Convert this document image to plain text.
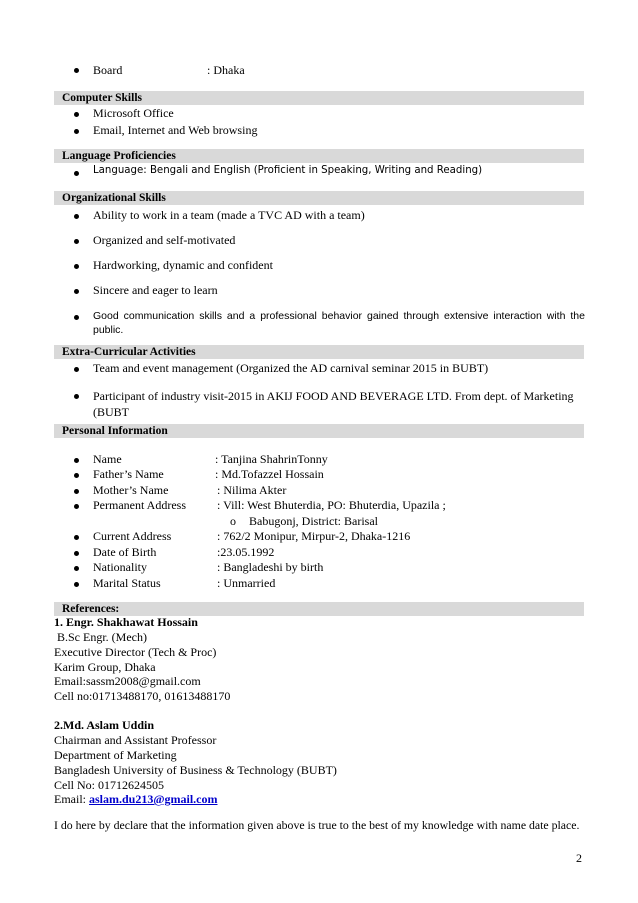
Board	: Dhaka
Computer Skills
Microsoft Office
Email, Internet and Web browsing
Language Proficiencies
Language: Bengali and English (Proficient in Speaking, Writing and Reading)
Organizational Skills
Ability to work in a team (made a TVC AD with a team)
Organized and self-motivated
Hardworking, dynamic and confident
Sincere and eager to learn
Good communication skills and a professional behavior gained through extensive interaction with the public.
Extra-Curricular Activities
Team and event management (Organized the AD carnival seminar 2015 in BUBT)
Participant of industry visit-2015 in AKIJ FOOD AND BEVERAGE LTD. From dept. of Marketing (BUBT
Personal Information
Name	: Tanjina ShahrinTonny
Father’s Name	: Md.Tofazzel Hossain
Mother’s Name	: Nilima Akter
Permanent Address	: Vill: West Bhuterdia, PO: Bhuterdia, Upazila ;
o Babugonj, District: Barisal
Current Address	: 762/2 Monipur, Mirpur-2, Dhaka-1216
Date of Birth	:23.05.1992
Nationality	: Bangladeshi by birth
Marital Status	: Unmarried
References:
1. Engr. Shakhawat Hossain
B.Sc Engr. (Mech)
Executive Director (Tech & Proc)
Karim Group, Dhaka
Email:sassm2008@gmail.com
Cell no:01713488170, 01613488170
2.Md. Aslam Uddin
Chairman and Assistant Professor
Department of Marketing
Bangladesh University of Business & Technology (BUBT)
Cell No: 01712624505
Email: aslam.du213@gmail.com
I do here by declare that the information given above is true to the best of my knowledge with name date place.
2
